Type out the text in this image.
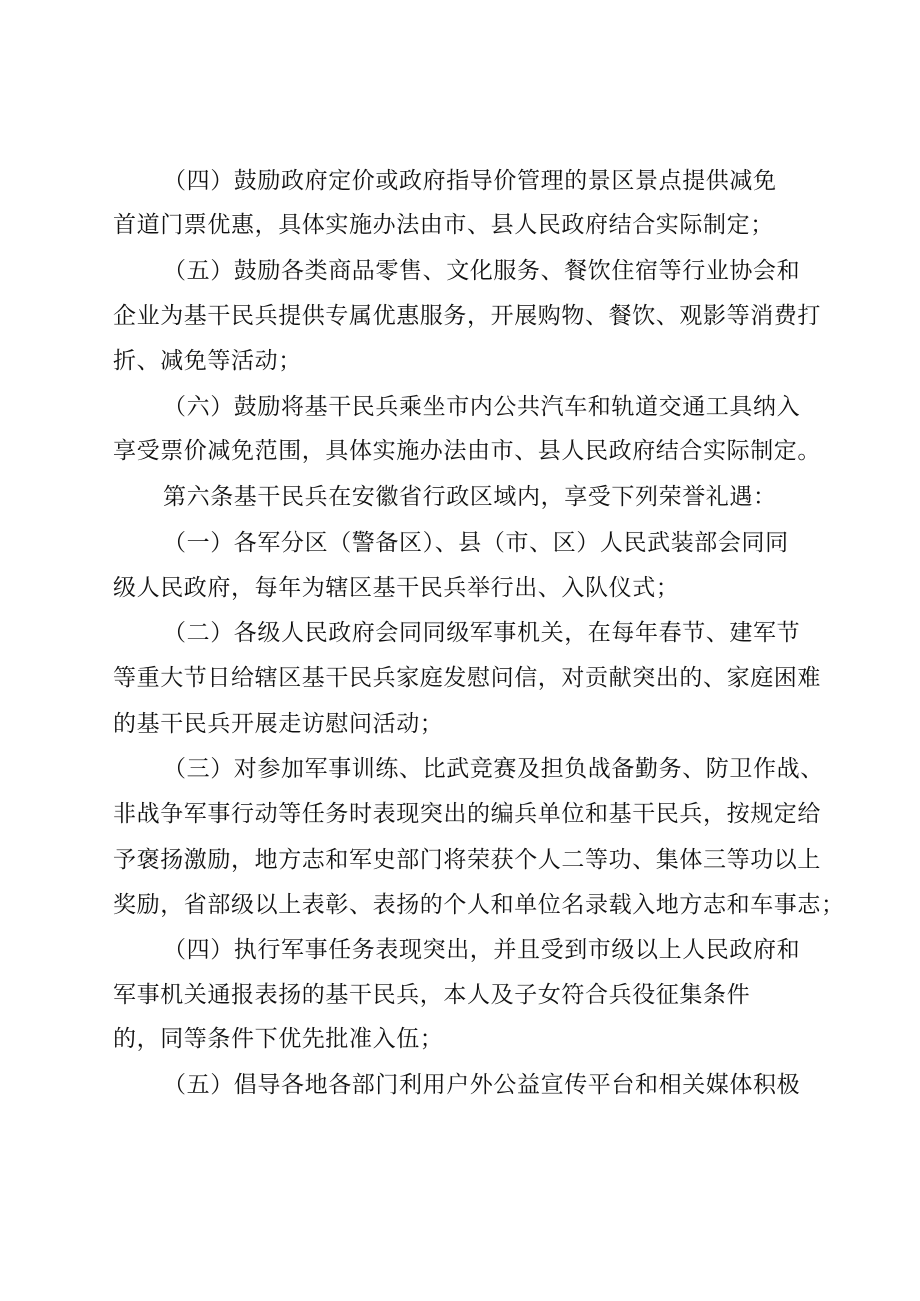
（四）鼓励政府定价或政府指导价管理的景区景点提供减免
首道门票优惠，具体实施办法由市、县人民政府结合实际制定；
（五）鼓励各类商品零售、文化服务、餐饮住宿等行业协会和
企业为基干民兵提供专属优惠服务，开展购物、餐饮、观影等消费打
折、减免等活动；
（六）鼓励将基干民兵乘坐市内公共汽车和轨道交通工具纳入
享受票价减免范围，具体实施办法由市、县人民政府结合实际制定。
第六条基干民兵在安徽省行政区域内，享受下列荣誉礼遇：
（一）各军分区（警备区）、县（市、区）人民武装部会同同
级人民政府，每年为辖区基干民兵举行出、入队仪式；
（二）各级人民政府会同同级军事机关，在每年春节、建军节
等重大节日给辖区基干民兵家庭发慰问信，对贡献突出的、家庭困难
的基干民兵开展走访慰问活动；
（三）对参加军事训练、比武竞赛及担负战备勤务、防卫作战、
非战争军事行动等任务时表现突出的编兵单位和基干民兵，按规定给
予褒扬激励，地方志和军史部门将荣获个人二等功、集体三等功以上
奖励，省部级以上表彰、表扬的个人和单位名录载入地方志和车事志；
（四）执行军事任务表现突出，并且受到市级以上人民政府和
军事机关通报表扬的基干民兵，本人及子女符合兵役征集条件
的，同等条件下优先批准入伍；
（五）倡导各地各部门利用户外公益宣传平台和相关媒体积极
